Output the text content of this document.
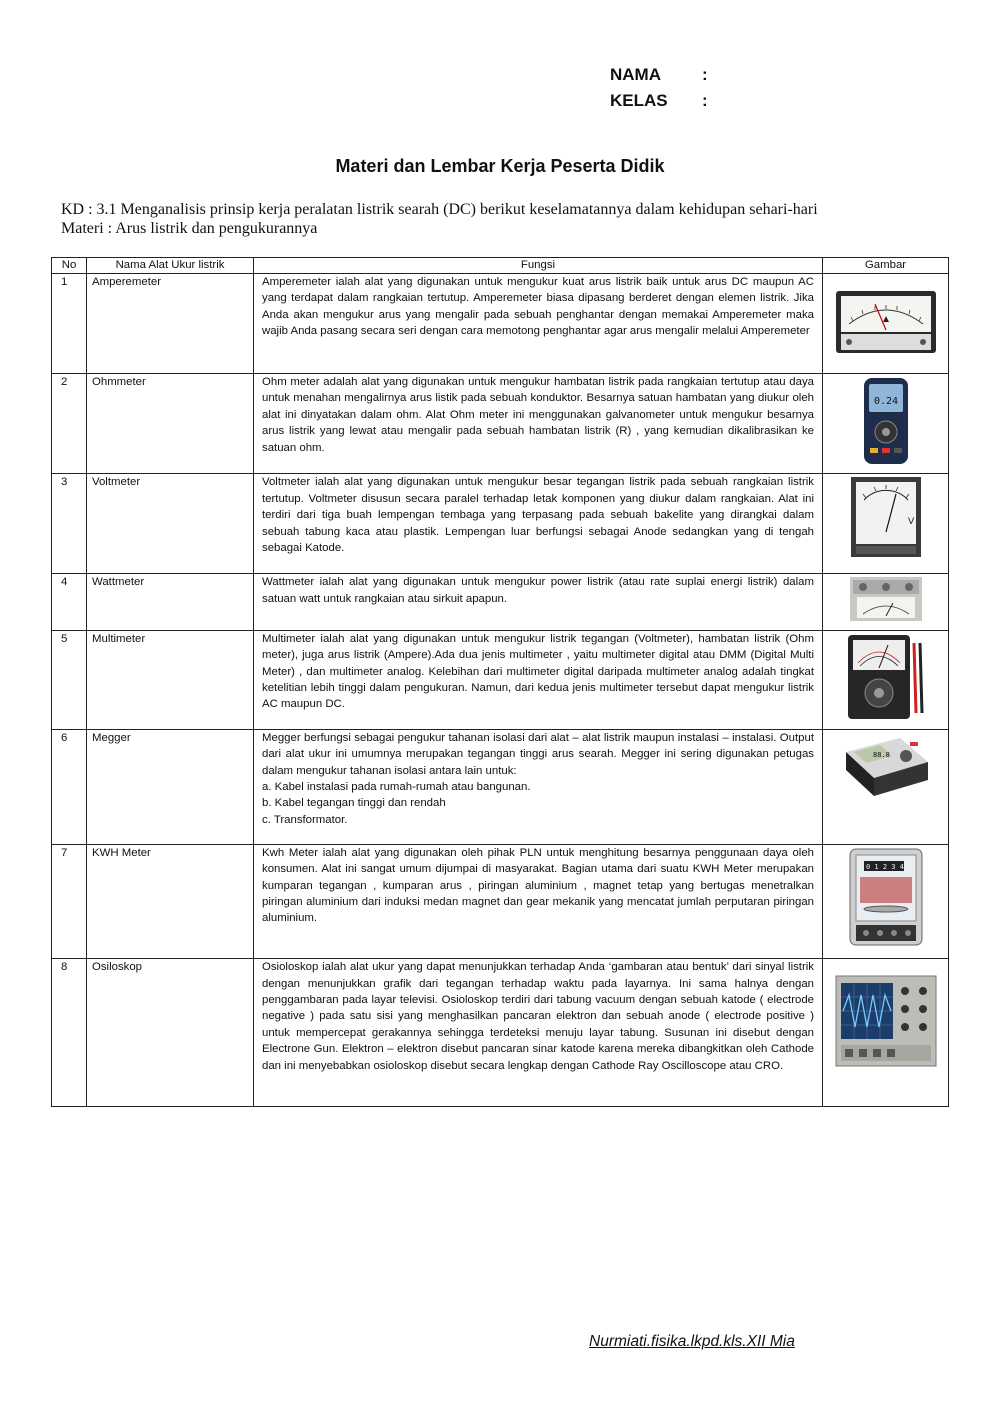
NAMA	:
KELAS	:
Materi dan Lembar Kerja Peserta Didik
KD : 3.1 Menganalisis prinsip kerja peralatan listrik searah (DC) berikut keselamatannya dalam kehidupan sehari-hari
Materi : Arus listrik dan pengukurannya
No	Nama Alat Ukur listrik	Fungsi	Gambar
1	Amperemeter	Amperemeter ialah alat yang digunakan untuk mengukur kuat arus listrik baik untuk arus DC maupun AC yang terdapat dalam rangkaian tertutup. Amperemeter biasa dipasang berderet dengan elemen listrik. Jika Anda akan mengukur arus yang mengalir pada sebuah penghantar dengan memakai Amperemeter maka wajib Anda pasang secara seri dengan cara memotong penghantar agar arus mengalir melalui Amperemeter

2	Ohmmeter	Ohm meter adalah alat yang digunakan untuk mengukur hambatan listrik pada rangkaian tertutup atau daya untuk menahan mengalirnya arus listik pada sebuah konduktor. Besarnya satuan hambatan yang diukur oleh alat ini dinyatakan dalam ohm. Alat Ohm meter ini menggunakan galvanometer untuk mengukur besarnya arus listrik yang lewat atau mengalir pada sebuah hambatan listrik (R) , yang kemudian dikalibrasikan ke satuan ohm.	0.24

3	Voltmeter	Voltmeter ialah alat yang digunakan untuk mengukur besar tegangan listrik pada sebuah rangkaian listrik tertutup. Voltmeter disusun secara paralel terhadap letak komponen yang diukur dalam rangkaian. Alat ini terdiri dari tiga buah lempengan tembaga yang terpasang pada sebuah bakelite yang dirangkai dalam sebuah tabung kaca atau plastik. Lempengan luar berfungsi sebagai Anode sedangkan yang di tengah sebagai Katode.	V

4	Wattmeter	Wattmeter ialah alat yang digunakan untuk mengukur power listrik (atau rate suplai energi listrik) dalam satuan watt untuk rangkaian atau sirkuit apapun.

5	Multimeter	Multimeter ialah alat yang digunakan untuk mengukur listrik tegangan (Voltmeter), hambatan listrik (Ohm meter), juga arus listrik (Ampere).Ada dua jenis multimeter , yaitu multimeter digital atau DMM (Digital Multi Meter) , dan multimeter analog. Kelebihan dari multimeter digital daripada multimeter analog adalah tingkat ketelitian lebih tinggi dalam pengukuran. Namun, dari kedua jenis multimeter tersebut dapat mengukur listrik AC maupun DC.

6	Megger	Megger berfungsi sebagai pengukur tahanan isolasi dari alat – alat listrik maupun instalasi – instalasi. Output dari alat ukur ini umumnya merupakan tegangan tinggi arus searah. Megger ini sering digunakan petugas dalam mengukur tahanan isolasi antara lain untuk:
a. Kabel instalasi pada rumah-rumah atau bangunan.
b. Kabel tegangan tinggi dan rendah
c. Transformator.	88.8

7	KWH Meter	Kwh Meter ialah alat yang digunakan oleh pihak PLN untuk menghitung besarnya penggunaan daya oleh konsumen. Alat ini sangat umum dijumpai di masyarakat. Bagian utama dari suatu KWH Meter merupakan kumparan tegangan , kumparan arus , piringan aluminium , magnet tetap yang bertugas menetralkan piringan aluminium dari induksi medan magnet dan gear mekanik yang mencatat jumlah perputaran piringan aluminium.	0 1 2 3 4

8	Osiloskop	Osioloskop ialah alat ukur yang dapat menunjukkan terhadap Anda ‘gambaran atau bentuk’ dari sinyal listrik dengan menunjukkan grafik dari tegangan terhadap waktu pada layarnya. Ini sama halnya dengan penggambaran pada layar televisi. Osioloskop terdiri dari tabung vacuum dengan sebuah katode ( electrode negative ) pada satu sisi yang menghasilkan pancaran elektron dan sebuah anode ( electrode positive ) untuk mempercepat gerakannya sehingga terdeteksi menuju layar tabung. Susunan ini disebut dengan Electrone Gun. Elektron – elektron disebut pancaran sinar katode karena mereka dibangkitkan oleh Cathode dan ini menyebabkan osioloskop disebut secara lengkap dengan Cathode Ray Oscilloscope atau CRO.

Nurmiati.fisika.lkpd.kls.XII Mia
